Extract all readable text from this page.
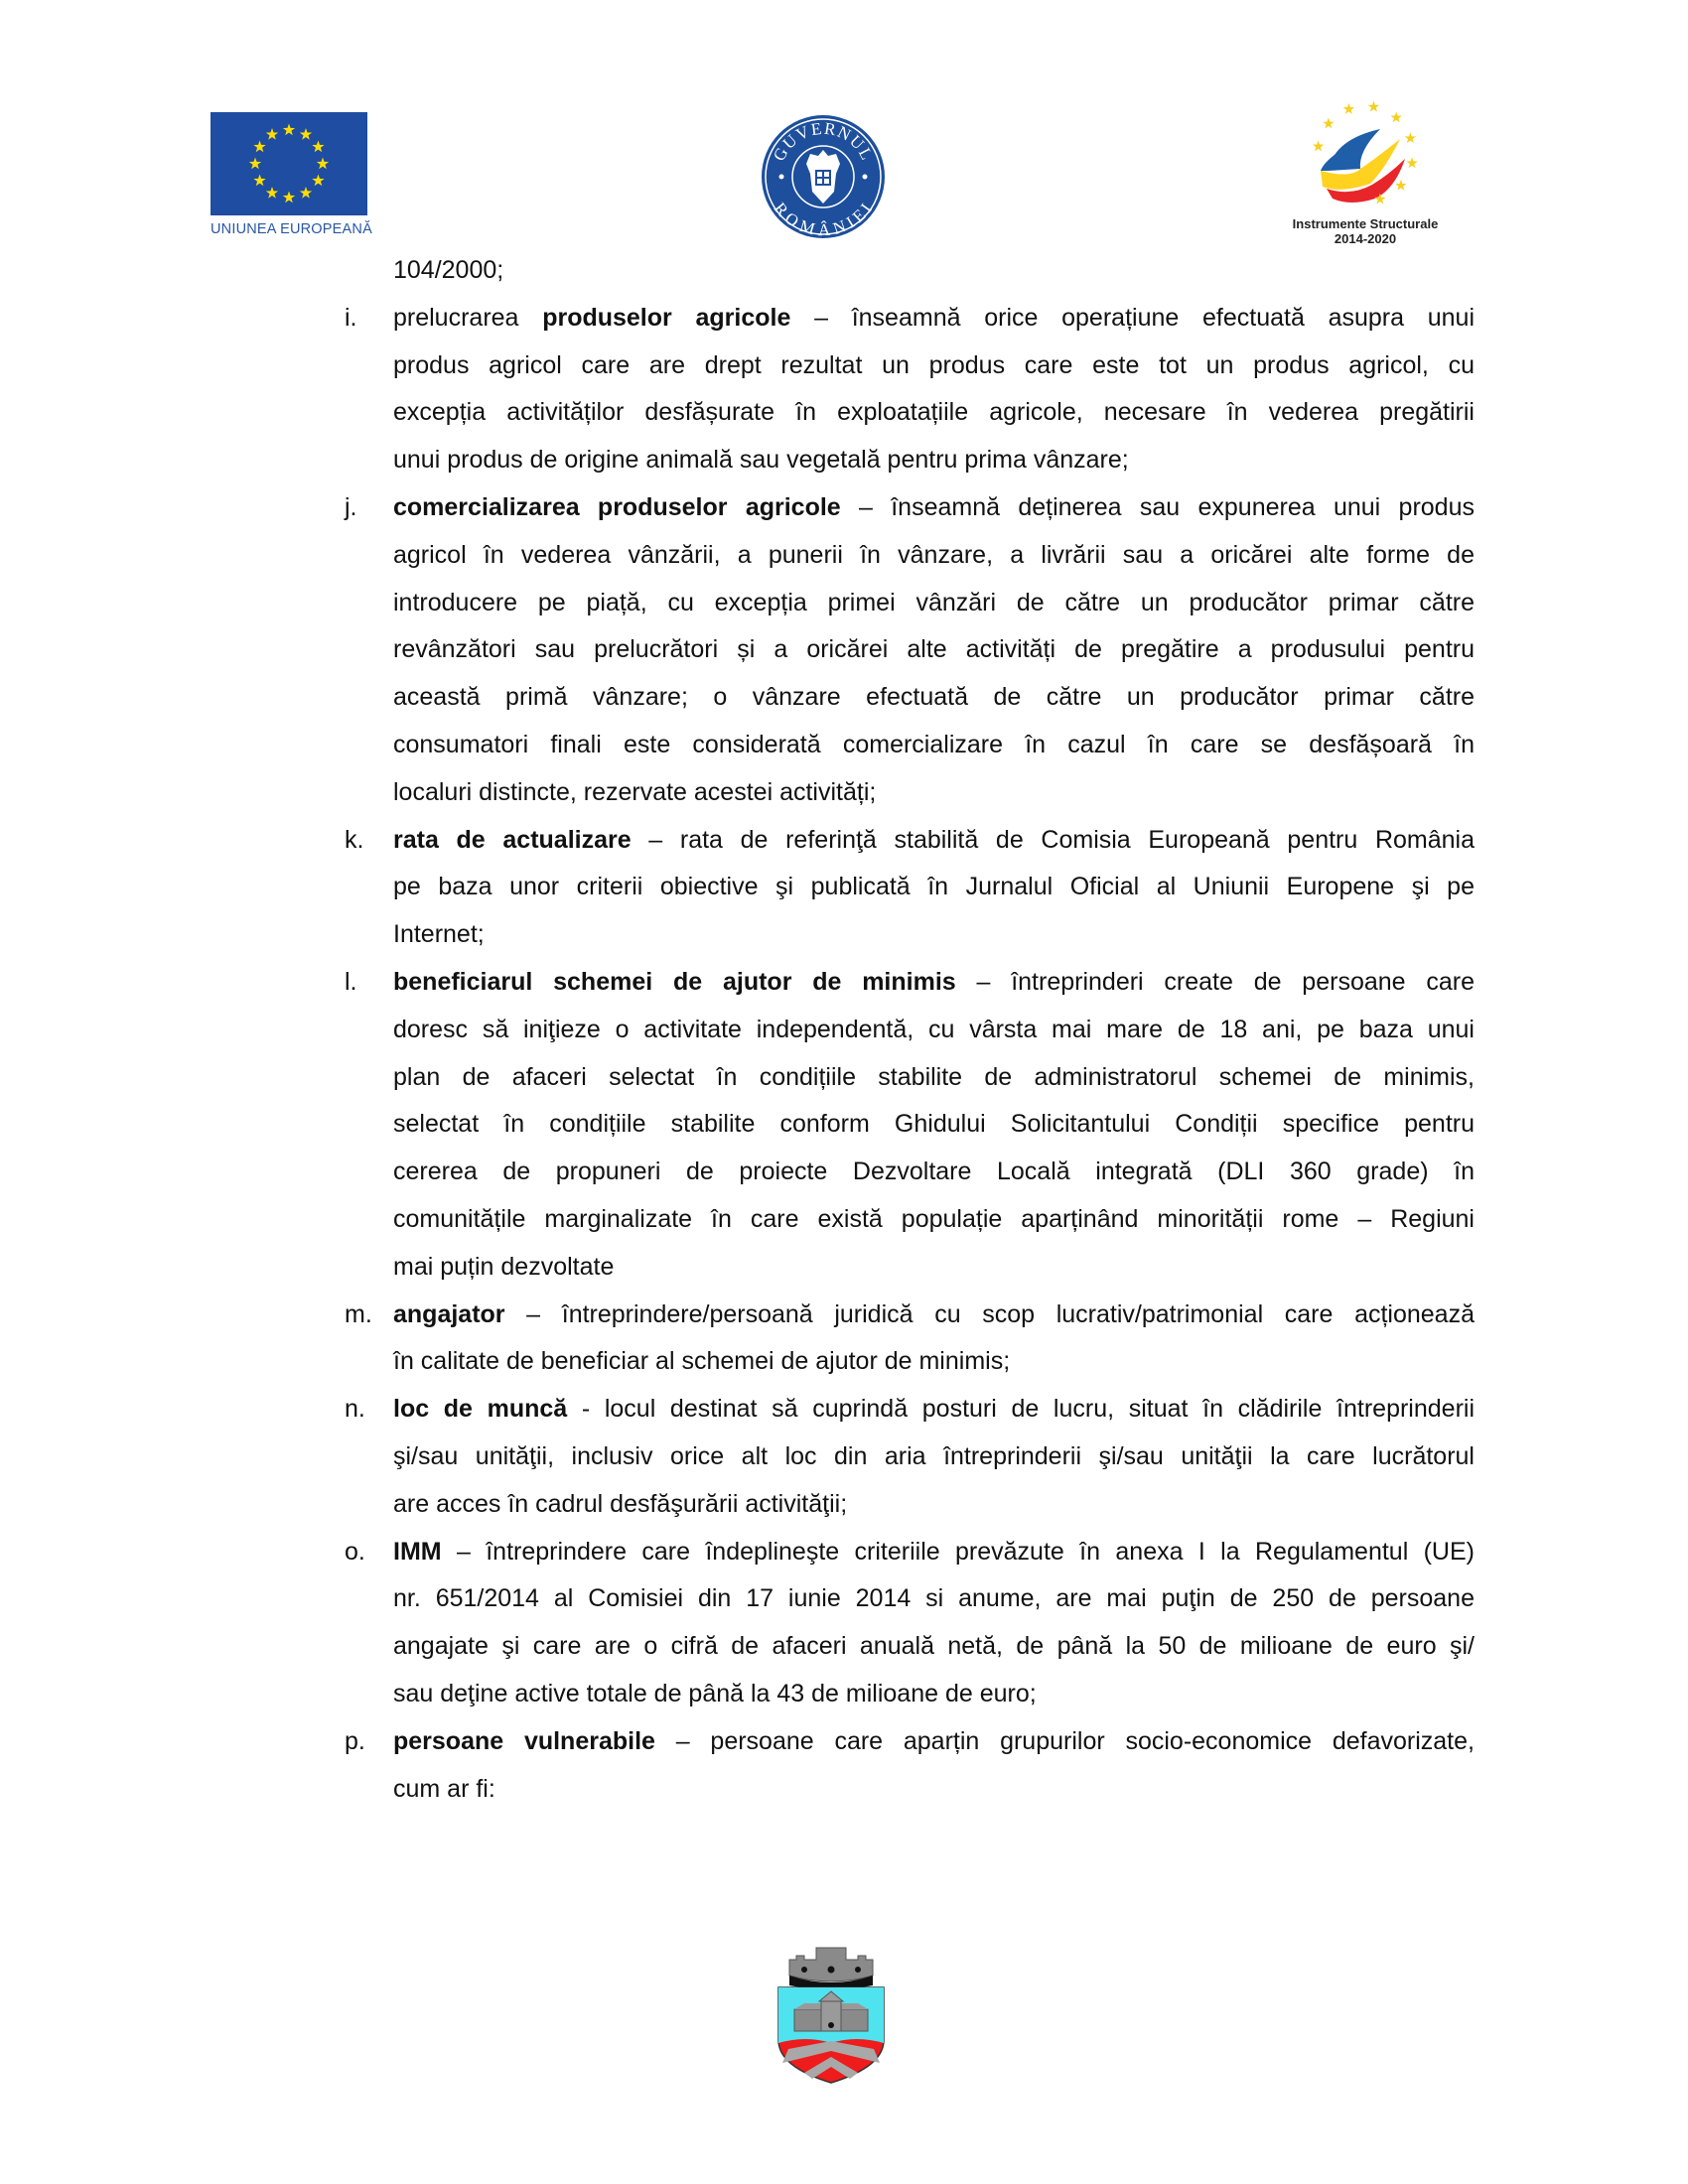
UNIUNEA EUROPEANĂ
GUVERNUL
ROMÂNIEI
Instrumente Structurale
2014-2020
104/2000;
i. prelucrarea produselor agricole – înseamnă orice operațiune efectuată asupra unui
produs agricol care are drept rezultat un produs care este tot un produs agricol, cu
excepția activităților desfășurate în exploatațiile agricole, necesare în vederea pregătirii
unui produs de origine animală sau vegetală pentru prima vânzare;
j. comercializarea produselor agricole – înseamnă deținerea sau expunerea unui produs
agricol în vederea vânzării, a punerii în vânzare, a livrării sau a oricărei alte forme de
introducere pe piață, cu excepția primei vânzări de către un producător primar către
revânzători sau prelucrători și a oricărei alte activități de pregătire a produsului pentru
această primă vânzare; o vânzare efectuată de către un producător primar către
consumatori finali este considerată comercializare în cazul în care se desfășoară în
localuri distincte, rezervate acestei activități;
k. rata de actualizare – rata de referinţă stabilită de Comisia Europeană pentru România
pe baza unor criterii obiective şi publicată în Jurnalul Oficial al Uniunii Europene şi pe
Internet;
l. beneficiarul schemei de ajutor de minimis – întreprinderi create de persoane care
doresc să iniţieze o activitate independentă, cu vârsta mai mare de 18 ani, pe baza unui
plan de afaceri selectat în condițiile stabilite de administratorul schemei de minimis,
selectat în condițiile stabilite conform Ghidului Solicitantului Condiții specifice pentru
cererea de propuneri de proiecte Dezvoltare Locală integrată (DLI 360 grade) în
comunitățile marginalizate în care există populație aparținând minorității rome – Regiuni
mai puțin dezvoltate
m. angajator – întreprindere/persoană juridică cu scop lucrativ/patrimonial care acționează
în calitate de beneficiar al schemei de ajutor de minimis;
n. loc de muncă - locul destinat să cuprindă posturi de lucru, situat în clădirile întreprinderii
şi/sau unităţii, inclusiv orice alt loc din aria întreprinderii şi/sau unităţii la care lucrătorul
are acces în cadrul desfăşurării activităţii;
o. IMM – întreprindere care îndeplineşte criteriile prevăzute în anexa I la Regulamentul (UE)
nr. 651/2014 al Comisiei din 17 iunie 2014 si anume, are mai puţin de 250 de persoane
angajate şi care are o cifră de afaceri anuală netă, de până la 50 de milioane de euro şi/
sau deţine active totale de până la 43 de milioane de euro;
p. persoane vulnerabile – persoane care aparțin grupurilor socio-economice defavorizate,
cum ar fi:
